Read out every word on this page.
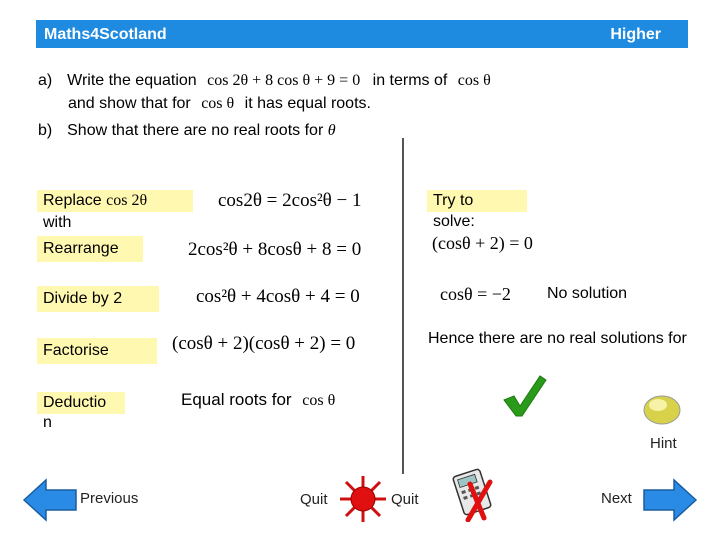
Maths4Scotland	Higher
a) Write the equation cos 2θ + 8 cos θ + 9 = 0 in terms of cos θ
and show that for cos θ it has equal roots.
b) Show that there are no real roots for θ
Replace cos 2θ
with
Rearrange
Divide by 2
Factorise
Deductio
n
cos2θ = 2cos²θ − 1
2cos²θ + 8cosθ + 8 = 0
cos²θ + 4cosθ + 4 = 0
(cosθ + 2)(cosθ + 2) = 0
Equal roots for cos θ
Try to
solve:
(cosθ + 2) = 0
cosθ = −2 No solution
Hence there are no real solutions for
Hint
Previous	Quit	Quit	Next
